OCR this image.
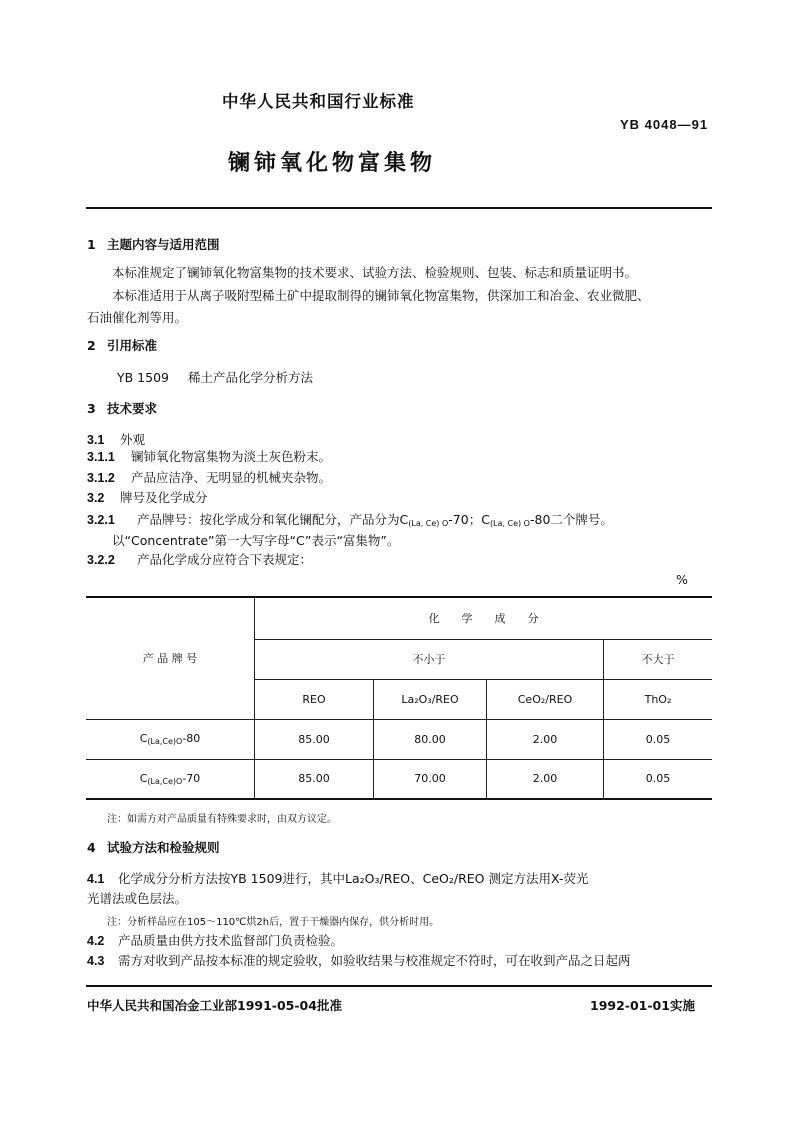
中华人民共和国行业标准
YB 4048—91
镧铈氧化物富集物
1 主题内容与适用范围
本标准规定了镧铈氧化物富集物的技术要求、试验方法、检验规则、包装、标志和质量证明书。
本标准适用于从离子吸附型稀土矿中提取制得的镧铈氧化物富集物，供深加工和冶金、农业微肥、
石油催化剂等用。
2 引用标准
YB 1509 稀土产品化学分析方法
3 技术要求
3.1 外观
3.1.1 镧铈氧化物富集物为淡土灰色粉末。
3.1.2 产品应洁净、无明显的机械夹杂物。
3.2 牌号及化学成分
3.2.1 产品牌号：按化学成分和氧化镧配分，产品分为$C_{(La, Ce) O}-70$；$C_{(La, Ce) O}-80$二个牌号。
以“Concentrate”第一大写字母“C”表示“富集物”。
3.2.2 产品化学成分应符合下表规定：
%
产 品 牌 号	化　　学　　成　　分			
	不小于			不大于
	REO	La₂O₃/REO	CeO₂/REO	ThO₂
$C_{(La,Ce)O}-80$	85.00	80.00	2.00	0.05
$C_{(La,Ce)O}-70$	85.00	70.00	2.00	0.05
注：如需方对产品质量有特殊要求时，由双方议定。
4 试验方法和检验规则
4.1 化学成分分析方法按YB 1509进行，其中La₂O₃/REO、CeO₂/REO 测定方法用X-荧光
光谱法或色层法。
注：分析样品应在105～110℃烘2h后，置于干燥器内保存，供分析时用。
4.2 产品质量由供方技术监督部门负责检验。
4.3 需方对收到产品按本标准的规定验收，如验收结果与校准规定不符时，可在收到产品之日起两
中华人民共和国冶金工业部1991-05-04批准	1992-01-01实施
